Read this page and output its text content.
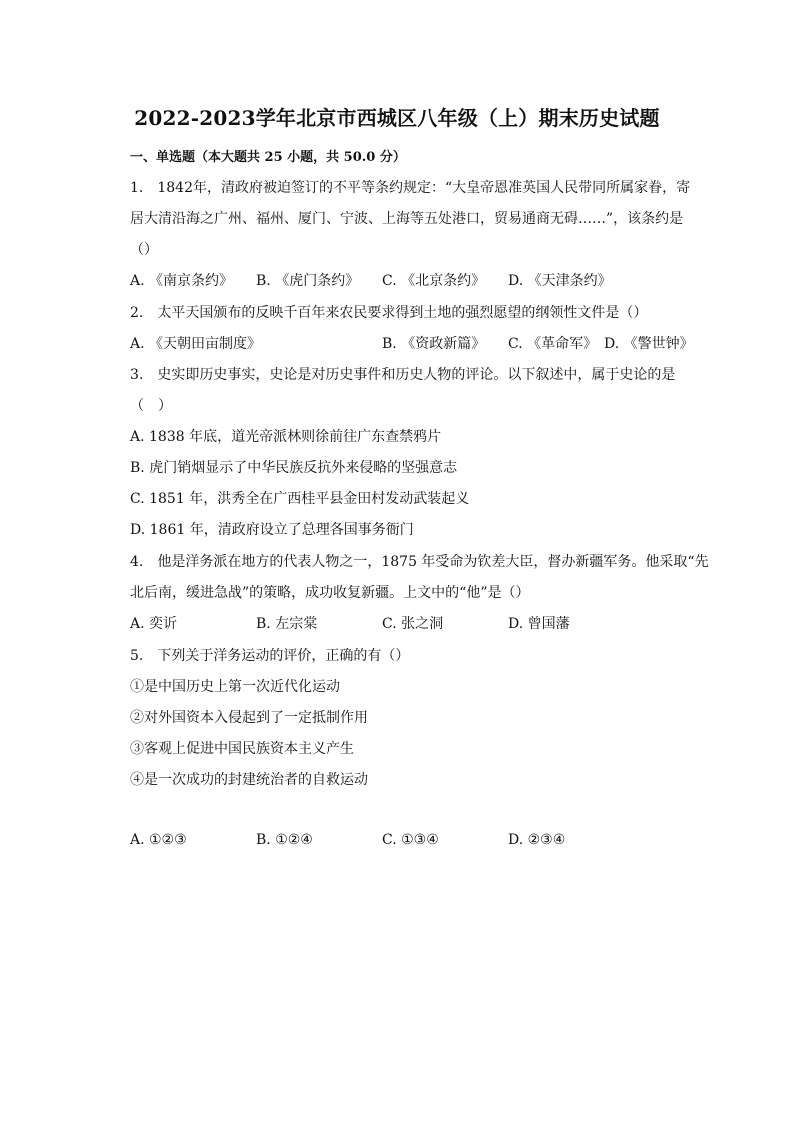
2022-2023学年北京市西城区八年级（上）期末历史试题
一、单选题（本大题共 25 小题，共 50.0 分）
1.　1842年，清政府被迫签订的不平等条约规定：“大皇帝恩准英国人民带同所属家眷，寄
居大清沿海之广州、福州、厦门、宁波、上海等五处港口，贸易通商无碍……”，该条约是
（）
A. 《南京条约》 B. 《虎门条约》 C. 《北京条约》 D. 《天津条约》
2.　太平天国颁布的反映千百年来农民要求得到土地的强烈愿望的纲领性文件是（）
A. 《天朝田亩制度》	B. 《资政新篇》 C. 《革命军》 D. 《警世钟》
3.　史实即历史事实，史论是对历史事件和历史人物的评论。以下叙述中，属于史论的是
（　）
A. 1838 年底，道光帝派林则徐前往广东查禁鸦片
B. 虎门销烟显示了中华民族反抗外来侵略的坚强意志
C. 1851 年，洪秀全在广西桂平县金田村发动武装起义
D. 1861 年，清政府设立了总理各国事务衙门
4.　他是洋务派在地方的代表人物之一，1875 年受命为钦差大臣，督办新疆军务。他采取“先
北后南，缓进急战”的策略，成功收复新疆。上文中的“他”是（）
A. 奕䜣	B. 左宗棠	C. 张之洞	D. 曾国藩
5.　下列关于洋务运动的评价，正确的有（）
①是中国历史上第一次近代化运动
②对外国资本入侵起到了一定抵制作用
③客观上促进中国民族资本主义产生
④是一次成功的封建统治者的自救运动
A. ①②③	B. ①②④	C. ①③④	D. ②③④
